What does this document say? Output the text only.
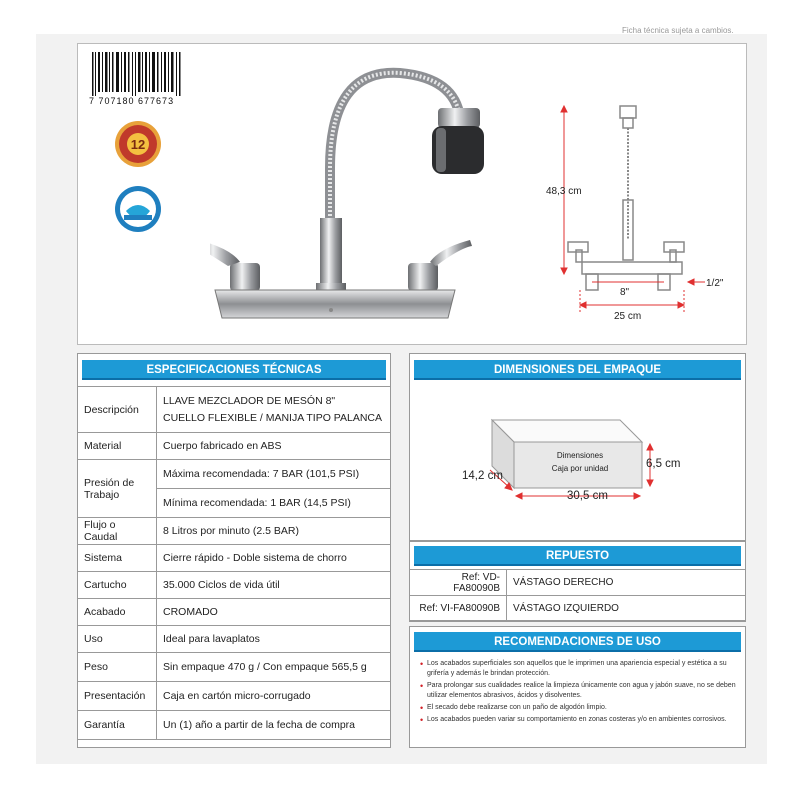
Ficha técnica sujeta a cambios.
7 707180 677673
12
48,3 cm
8"
1/2"
25 cm
ESPECIFICACIONES TÉCNICAS
Descripción	LLAVE MEZCLADOR DE MESÓN 8"
CUELLO FLEXIBLE / MANIJA TIPO PALANCA

Material	Cuerpo fabricado en ABS
Presión de Trabajo	Máxima recomendada: 7 BAR (101,5 PSI)
Mínima recomendada: 1 BAR (14,5 PSI)

Flujo o Caudal	8 Litros por minuto (2.5 BAR)
Sistema	Cierre rápido - Doble sistema de chorro
Cartucho	35.000 Ciclos de vida útil
Acabado	CROMADO
Uso	Ideal para lavaplatos
Peso	Sin empaque 470 g / Con empaque 565,5 g
Presentación	Caja en cartón micro-corrugado
Garantía	Un (1) año a partir de la fecha de compra
DIMENSIONES DEL EMPAQUE
Dimensiones
Caja por unidad
14,2 cm
30,5 cm
6,5 cm
REPUESTO
Ref: VD-FA80090B	VÁSTAGO DERECHO
Ref: VI-FA80090B	VÁSTAGO IZQUIERDO
RECOMENDACIONES DE USO
• Los acabados superficiales son aquellos que le imprimen una apariencia especial y estética a su grifería y además le brindan protección.
• Para prolongar sus cualidades realice la limpieza únicamente con agua y jabón suave, no se deben utilizar elementos abrasivos, ácidos y disolventes.
• El secado debe realizarse con un paño de algodón limpio.
• Los acabados pueden variar su comportamiento en zonas costeras y/o en ambientes corrosivos.
